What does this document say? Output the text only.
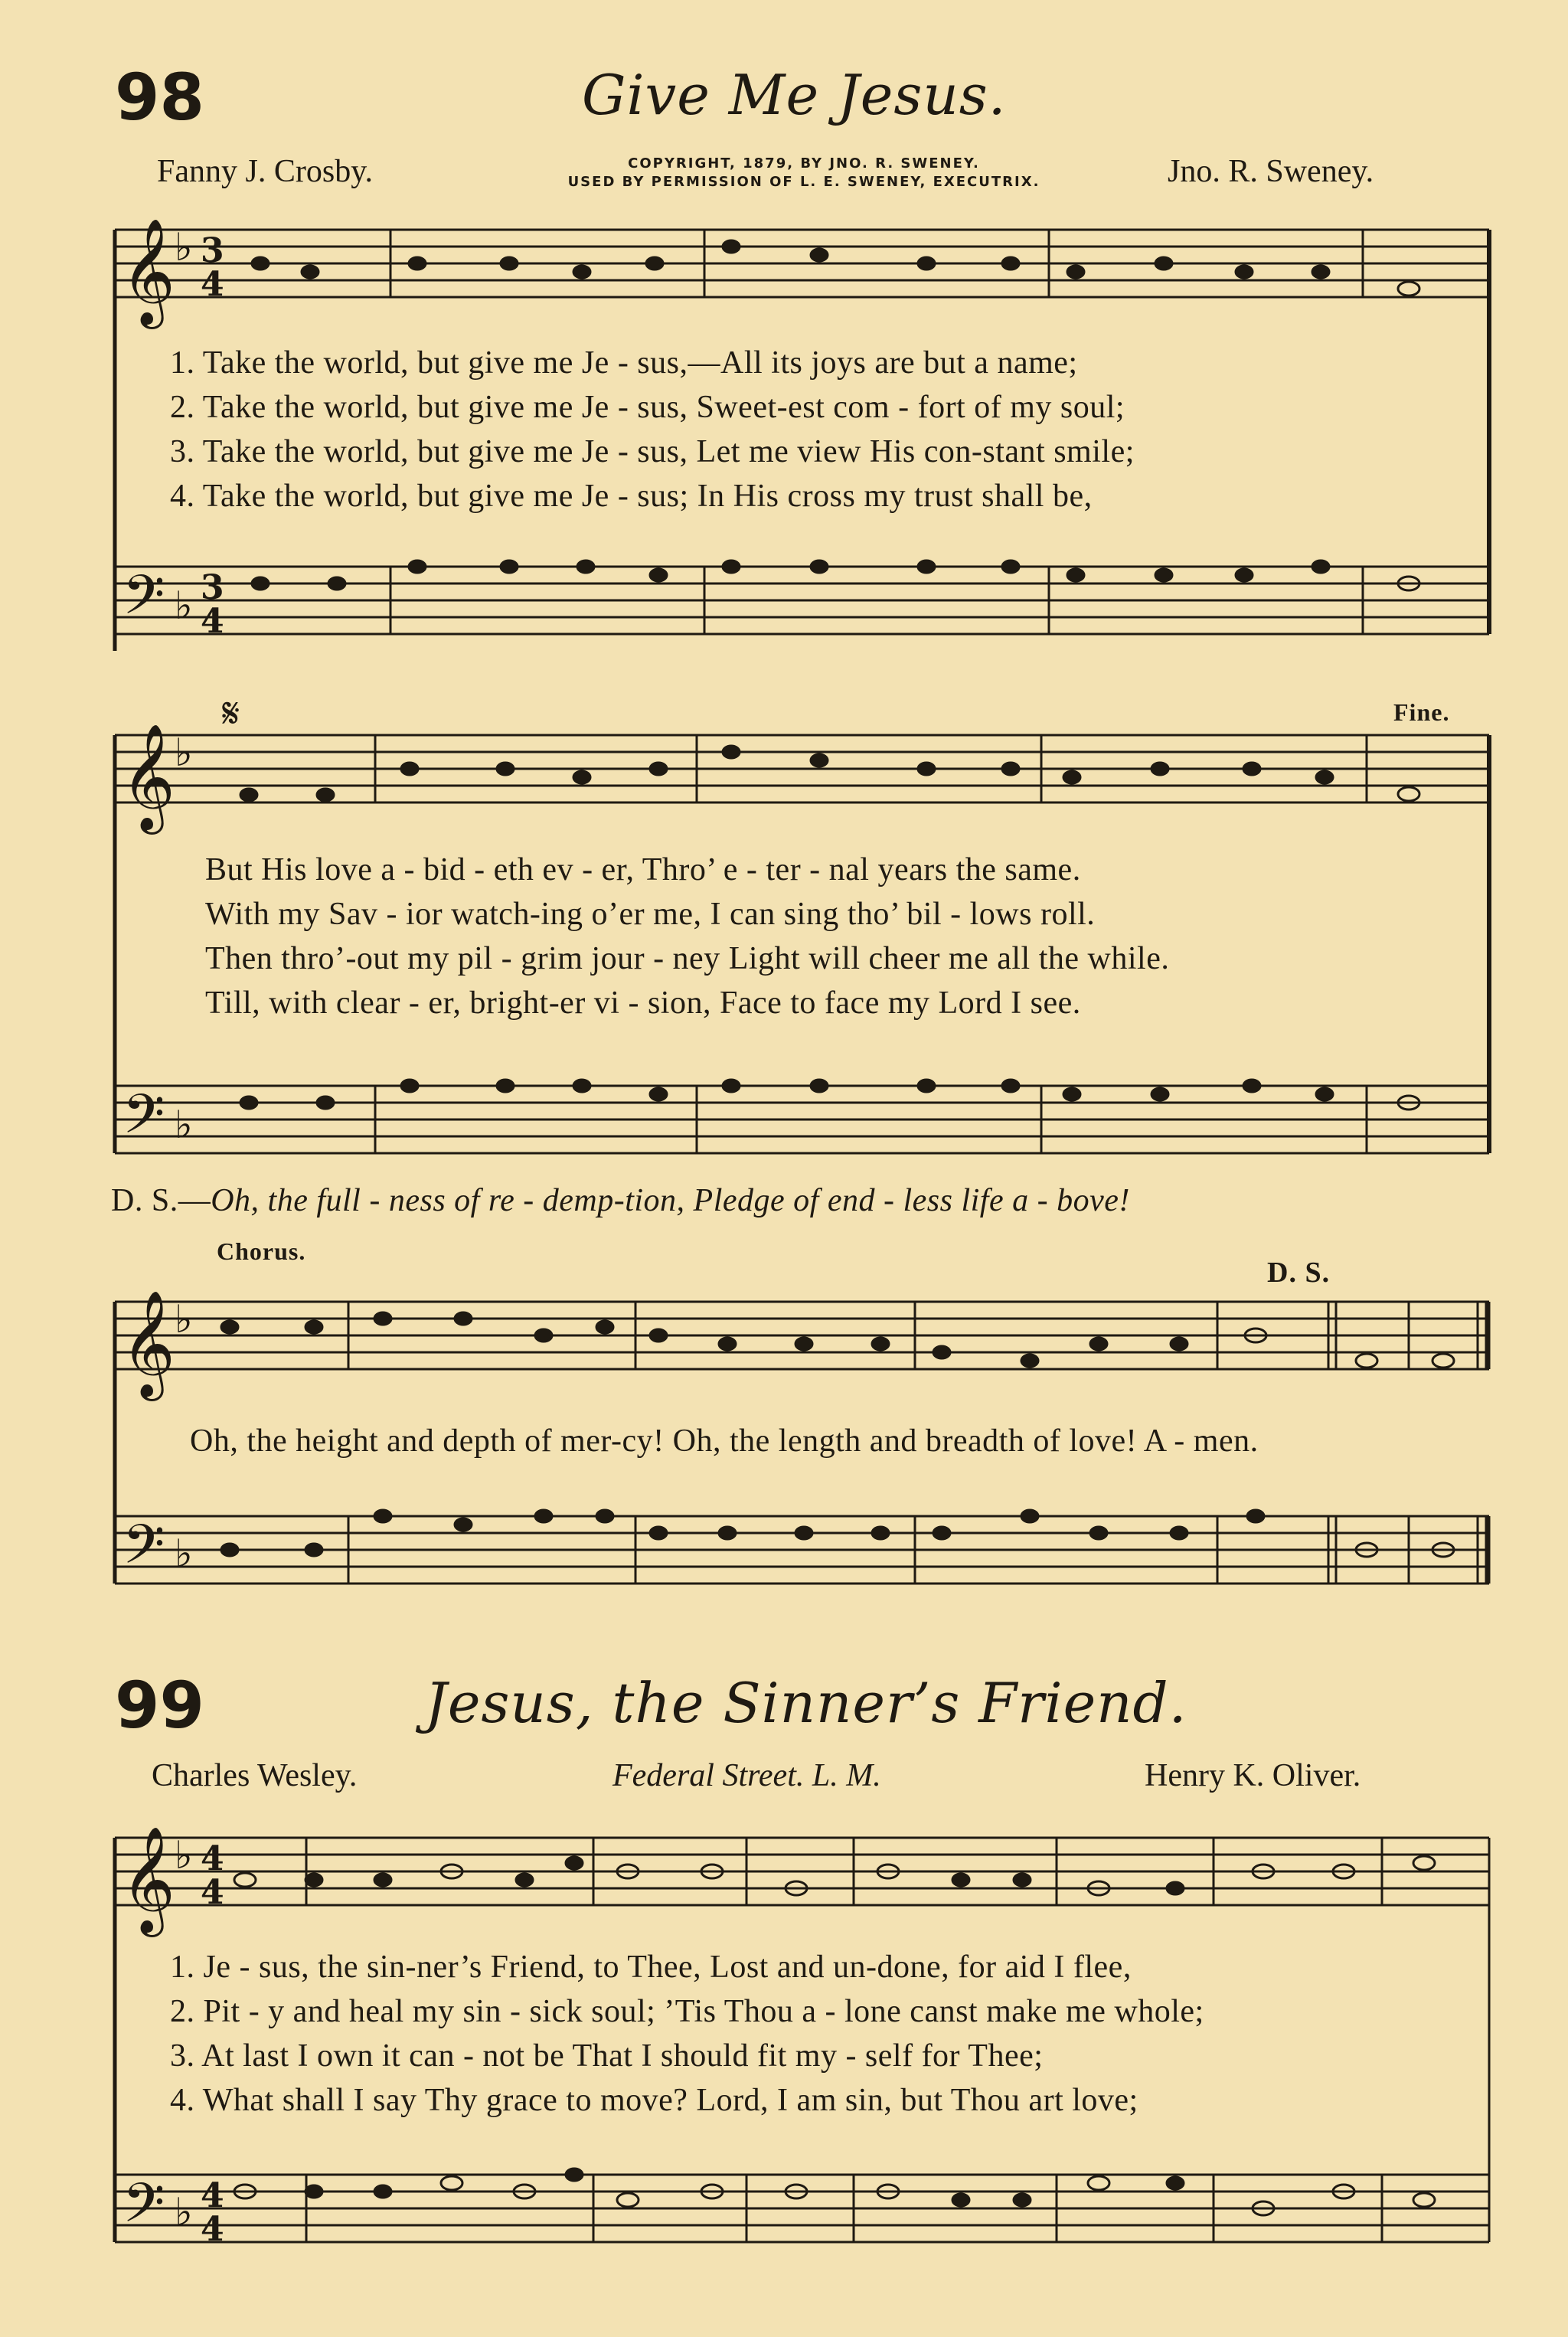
98	Give Me Jesus.
Fanny J. Crosby.	COPYRIGHT, 1879, BY JNO. R. SWENEY.
USED BY PERMISSION OF L. E. SWENEY, EXECUTRIX.	Jno. R. Sweney.
𝄞
𝄢
𝄞
𝄢
𝄞
𝄢
𝄞
𝄢
3
4
3
4
4
4
4
4
♭
♭
♭
♭
♭
♭
♭
♭
1. Take the world, but give me Je - sus,—All its joys are but a name;
2. Take the world, but give me Je - sus, Sweet-est com - fort of my soul;
3. Take the world, but give me Je - sus, Let me view His con-stant smile;
4. Take the world, but give me Je - sus; In His cross my trust shall be,
𝄋	Fine.
But His love a - bid - eth ev - er, Thro’ e - ter - nal years the same.
With my Sav - ior watch-ing o’er me, I can sing tho’ bil - lows roll.
Then thro’-out my pil - grim jour - ney Light will cheer me all the while.
Till, with clear - er, bright-er vi - sion, Face to face my Lord I see.
D. S.—Oh, the full - ness of re - demp-tion, Pledge of end - less life a - bove!
Chorus.
D. S.
Oh, the height and depth of mer-cy! Oh, the length and breadth of love! A - men.
99	Jesus, the Sinner’s Friend.
Charles Wesley.	Federal Street. L. M.	Henry K. Oliver.
1. Je - sus, the sin-ner’s Friend, to Thee, Lost and un-done, for aid I flee,
2. Pit - y and heal my sin - sick soul; ’Tis Thou a - lone canst make me whole;
3. At last I own it can - not be That I should fit my - self for Thee;
4. What shall I say Thy grace to move? Lord, I am sin, but Thou art love;
